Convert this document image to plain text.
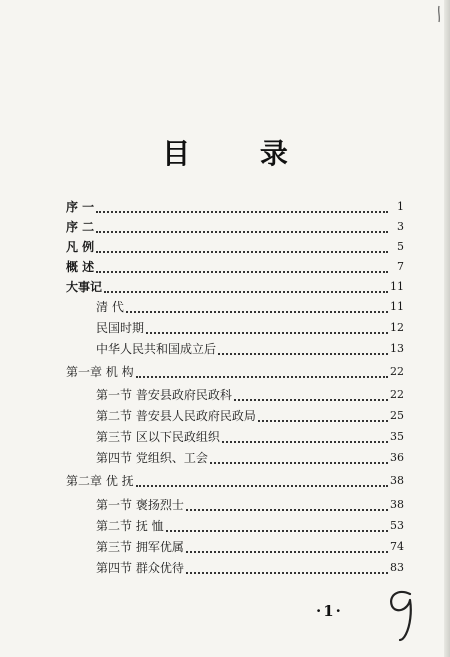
目 录
序 一	1
序 二	3
凡 例	5
概 述	7
大事记	11
清 代	11
民国时期	12
中华人民共和国成立后	13
第一章 机 构	22
第一节 普安县政府民政科	22
第二节 普安县人民政府民政局	25
第三节 区以下民政组织	35
第四节 党组织、工会	36
第二章 优 抚	38
第一节 褒扬烈士	38
第二节 抚 恤	53
第三节 拥军优属	74
第四节 群众优待	83
·1·
